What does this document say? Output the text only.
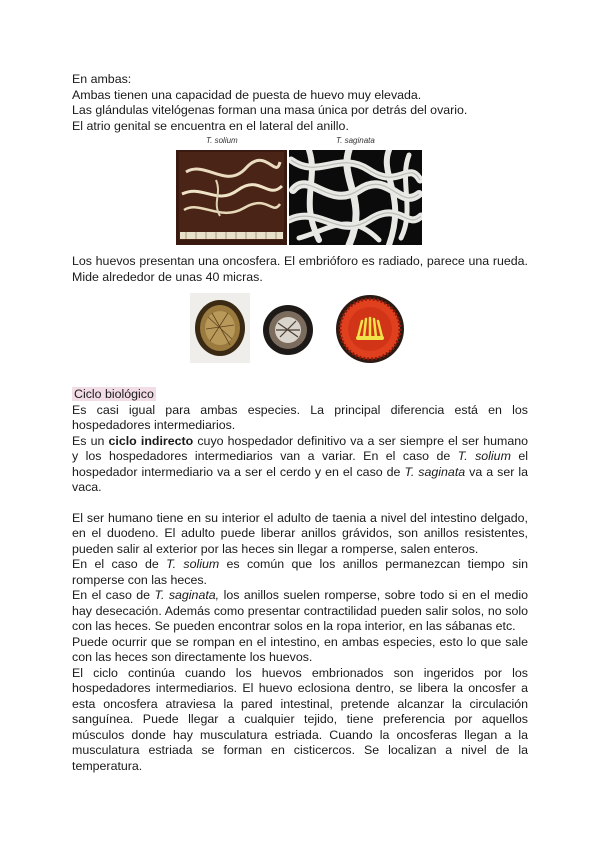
En ambas:

Ambas tienen una capacidad de puesta de huevo muy elevada.

Las glándulas vitelógenas forman una masa única por detrás del ovario.

El atrio genital se encuentra en el lateral del anillo.

T. solium	T. saginata

Los huevos presentan una oncosfera. El embrióforo es radiado, parece una rueda. Mide alrededor de unas 40 micras.

Ciclo biológico

Es casi igual para ambas especies. La principal diferencia está en los hospedadores intermediarios.

Es un ciclo indirecto cuyo hospedador definitivo va a ser siempre el ser humano y los hospedadores intermediarios van a variar. En el caso de T. solium el hospedador intermediario va a ser el cerdo y en el caso de T. saginata va a ser la vaca.

El ser humano tiene en su interior el adulto de taenia a nivel del intestino delgado, en el duodeno. El adulto puede liberar anillos grávidos, son anillos resistentes, pueden salir al exterior por las heces sin llegar a romperse, salen enteros.

En el caso de T. solium es común que los anillos permanezcan tiempo sin romperse con las heces.

En el caso de T. saginata, los anillos suelen romperse, sobre todo si en el medio hay desecación. Además como presentar contractilidad pueden salir solos, no solo con las heces. Se pueden encontrar solos en la ropa interior, en las sábanas etc.

Puede ocurrir que se rompan en el intestino, en ambas especies, esto lo que sale con las heces son directamente los huevos.

El ciclo continúa cuando los huevos embrionados son ingeridos por los hospedadores intermediarios. El huevo eclosiona dentro, se libera la oncosfer a esta oncosfera atraviesa la pared intestinal, pretende alcanzar la circulación sanguínea. Puede llegar a cualquier tejido, tiene preferencia por aquellos músculos donde hay musculatura estriada. Cuando la oncosferas llegan a la musculatura estriada se forman en cisticercos. Se localizan a nivel de la temperatura.
